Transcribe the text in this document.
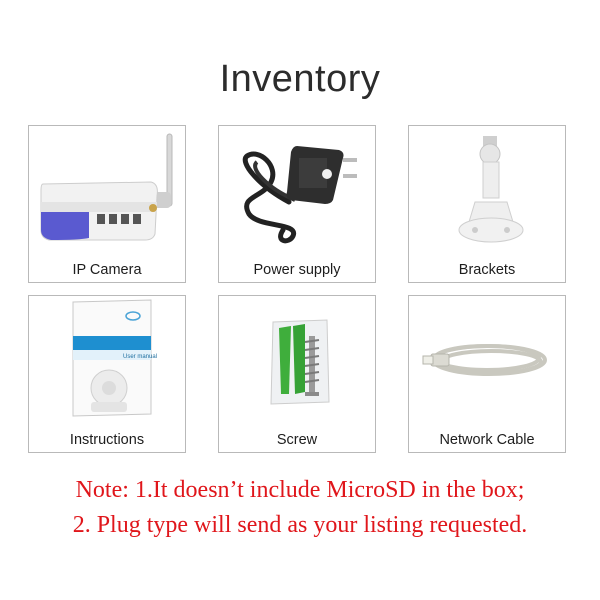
Inventory
IP Camera	Power supply	Brackets
User manual
Instructions	Screw	Network Cable
Note: 1.It doesn’t include MicroSD in the box;
2. Plug type will send as your listing requested.
